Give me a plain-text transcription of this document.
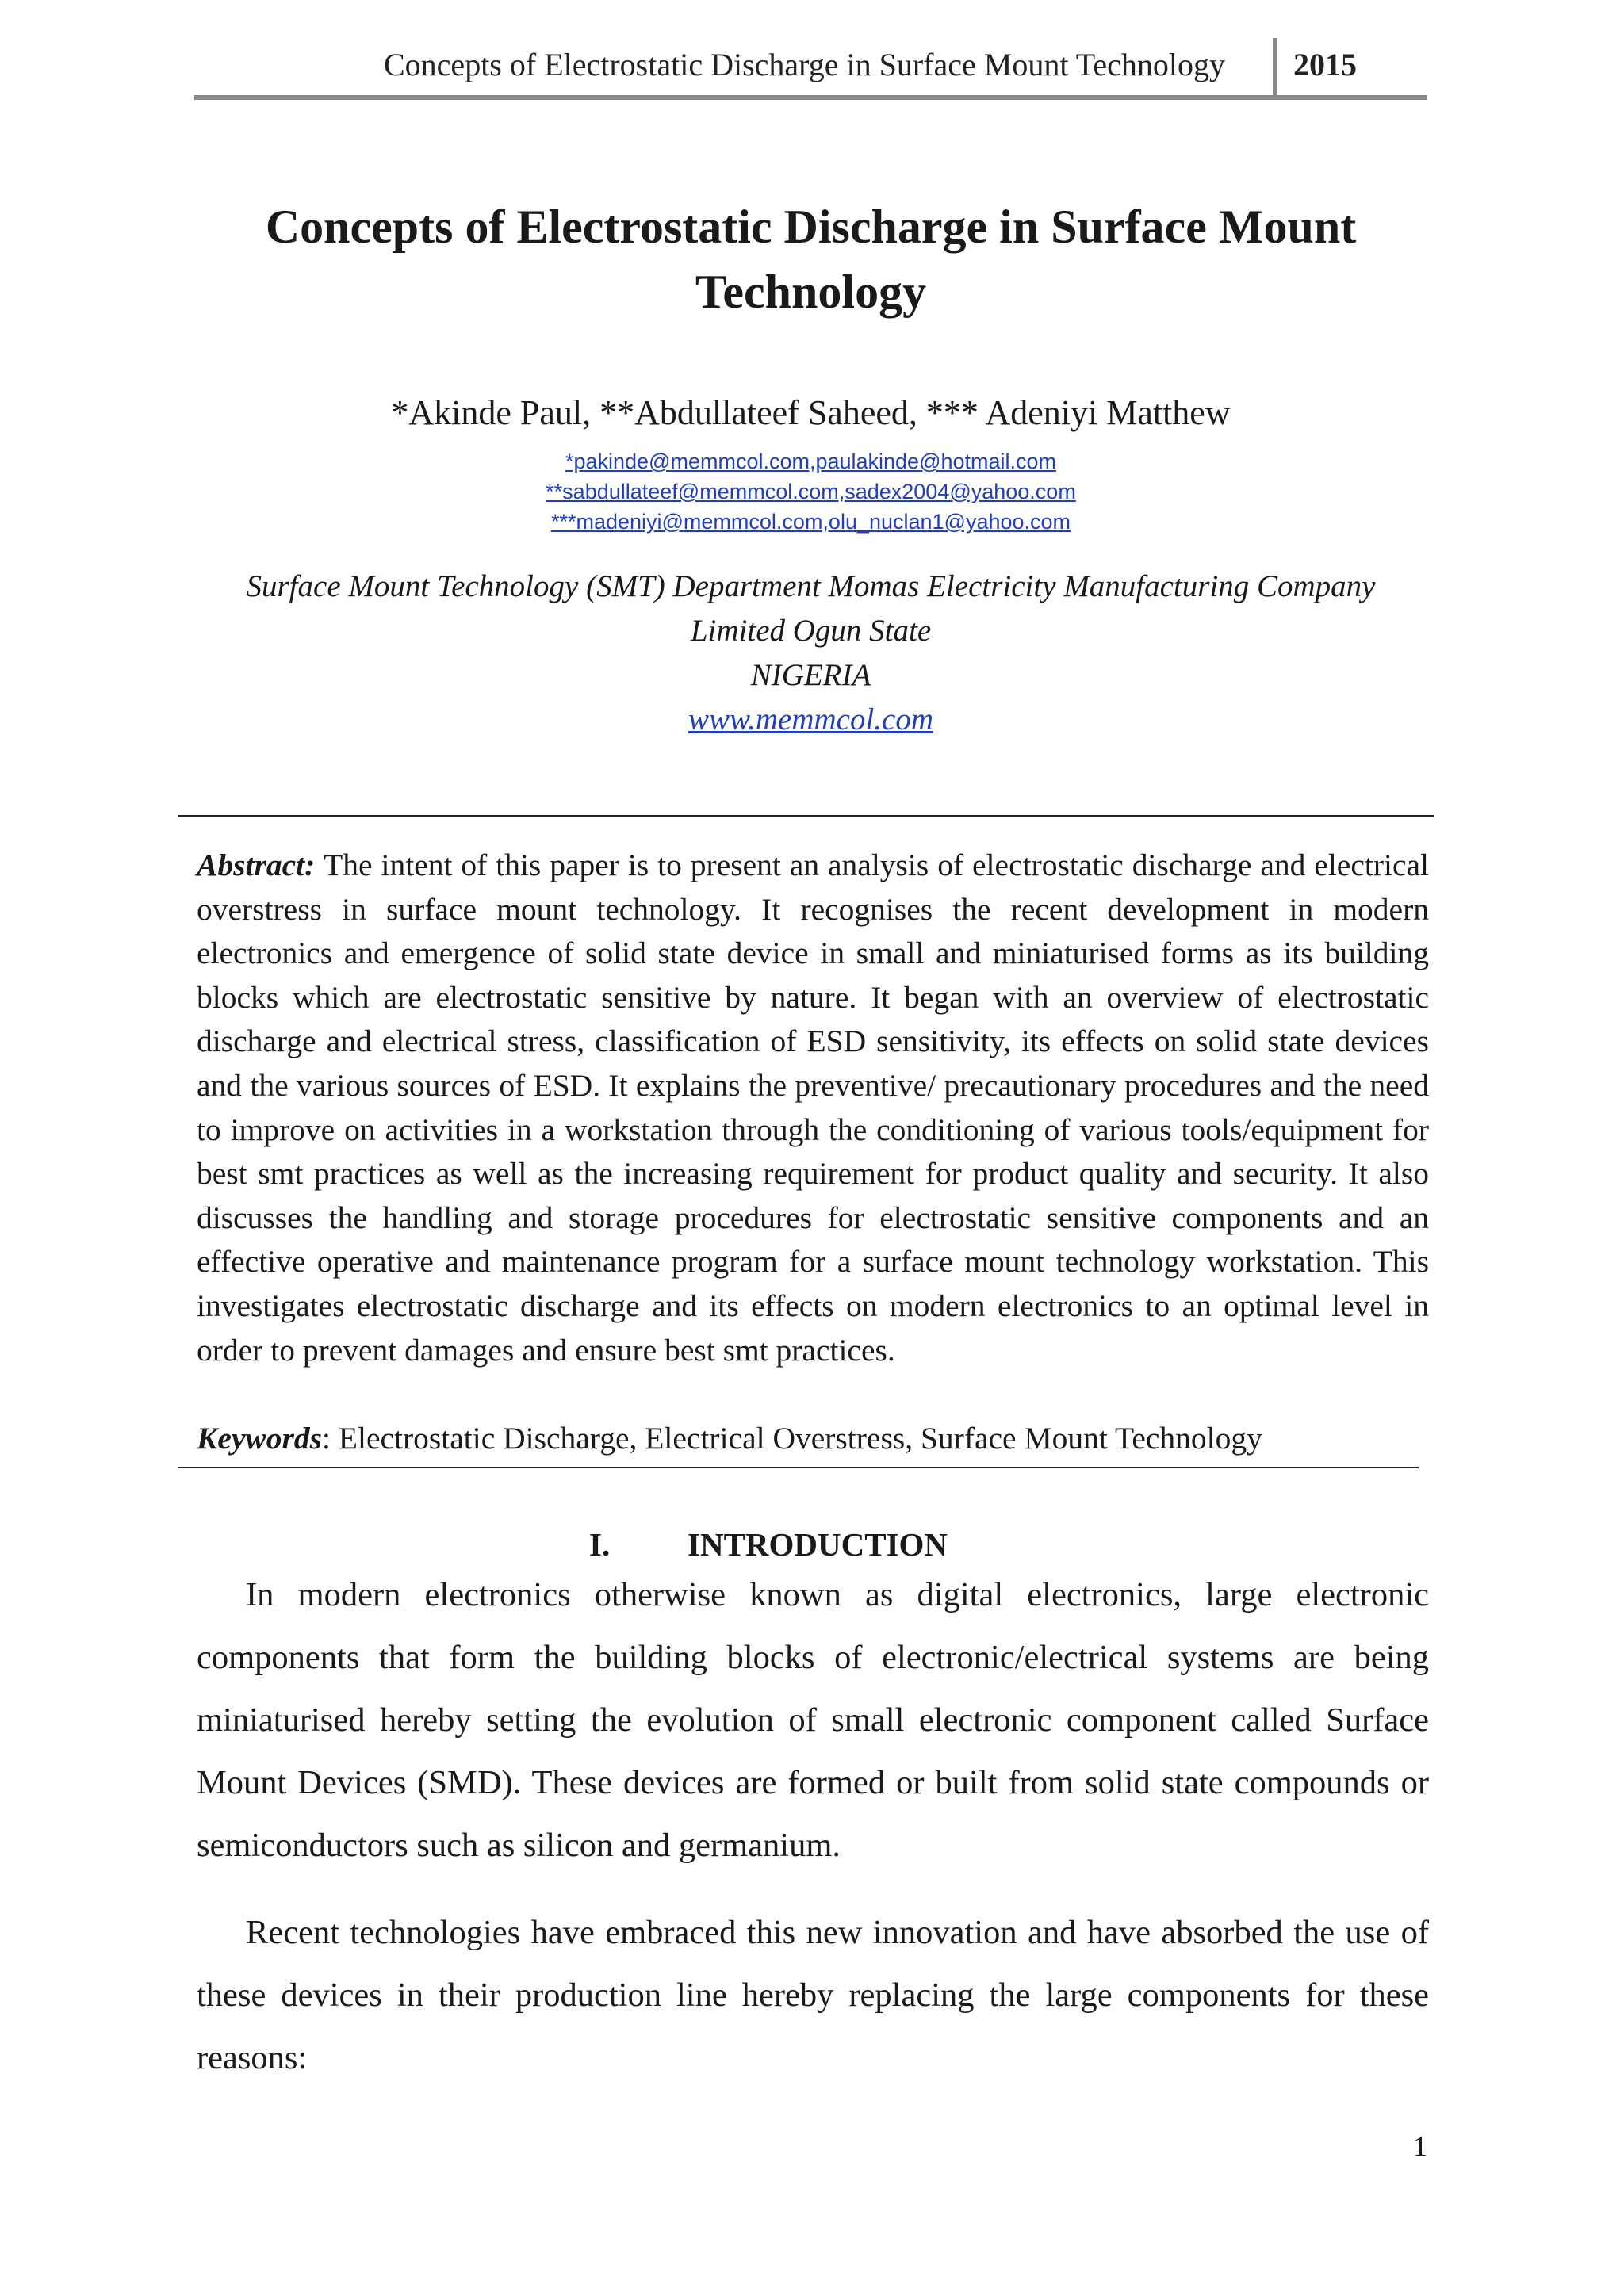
Concepts of Electrostatic Discharge in Surface Mount Technology 2015
Concepts of Electrostatic Discharge in Surface Mount
Technology
*Akinde Paul, **Abdullateef Saheed, *** Adeniyi Matthew
*pakinde@memmcol.com,paulakinde@hotmail.com
**sabdullateef@memmcol.com,sadex2004@yahoo.com
***madeniyi@memmcol.com,olu_nuclan1@yahoo.com
Surface Mount Technology (SMT) Department Momas Electricity Manufacturing Company
Limited Ogun State
NIGERIA
www.memmcol.com
Abstract: The intent of this paper is to present an analysis of electrostatic discharge and electrical overstress in surface mount technology. It recognises the recent development in modern electronics and emergence of solid state device in small and miniaturised forms as its building blocks which are electrostatic sensitive by nature. It began with an overview of electrostatic discharge and electrical stress, classification of ESD sensitivity, its effects on solid state devices and the various sources of ESD. It explains the preventive/ precautionary procedures and the need to improve on activities in a workstation through the conditioning of various tools/equipment for best smt practices as well as the increasing requirement for product quality and security. It also discusses the handling and storage procedures for electrostatic sensitive components and an effective operative and maintenance program for a surface mount technology workstation. This investigates electrostatic discharge and its effects on modern electronics to an optimal level in order to prevent damages and ensure best smt practices.
Keywords: Electrostatic Discharge, Electrical Overstress, Surface Mount Technology
I. INTRODUCTION

In modern electronics otherwise known as digital electronics, large electronic components that form the building blocks of electronic/electrical systems are being miniaturised hereby setting the evolution of small electronic component called Surface Mount Devices (SMD). These devices are formed or built from solid state compounds or semiconductors such as silicon and germanium.

Recent technologies have embraced this new innovation and have absorbed the use of these devices in their production line hereby replacing the large components for these reasons:

1
